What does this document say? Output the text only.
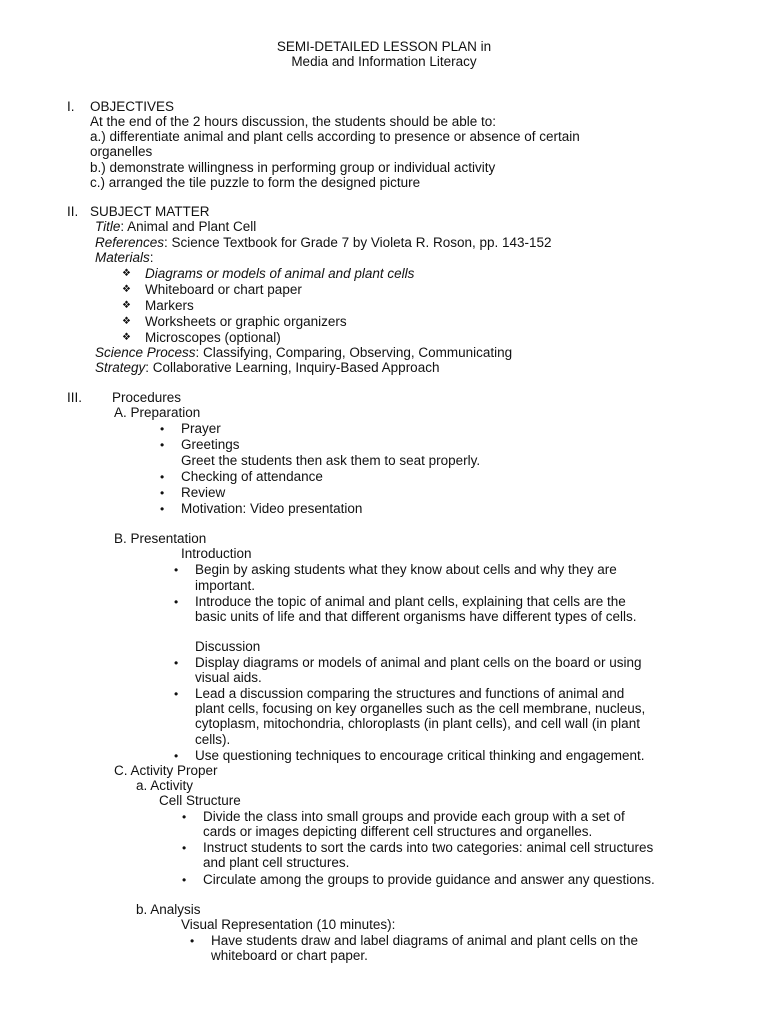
SEMI-DETAILED LESSON PLAN in
Media and Information Literacy
I. OBJECTIVES
At the end of the 2 hours discussion, the students should be able to:
a.) differentiate animal and plant cells according to presence or absence of certain
organelles
b.) demonstrate willingness in performing group or individual activity
c.) arranged the tile puzzle to form the designed picture
II. SUBJECT MATTER
Title: Animal and Plant Cell
References: Science Textbook for Grade 7 by Violeta R. Roson, pp. 143-152
Materials:
❖ Diagrams or models of animal and plant cells
❖ Whiteboard or chart paper
❖ Markers
❖ Worksheets or graphic organizers
❖ Microscopes (optional)
Science Process: Classifying, Comparing, Observing, Communicating
Strategy: Collaborative Learning, Inquiry-Based Approach
III. Procedures
A. Preparation
• Prayer
• Greetings
Greet the students then ask them to seat properly.
• Checking of attendance
• Review
• Motivation: Video presentation
B. Presentation
Introduction
• Begin by asking students what they know about cells and why they are
important.
• Introduce the topic of animal and plant cells, explaining that cells are the
basic units of life and that different organisms have different types of cells.
Discussion
• Display diagrams or models of animal and plant cells on the board or using
visual aids.
• Lead a discussion comparing the structures and functions of animal and
plant cells, focusing on key organelles such as the cell membrane, nucleus,
cytoplasm, mitochondria, chloroplasts (in plant cells), and cell wall (in plant
cells).
• Use questioning techniques to encourage critical thinking and engagement.
C. Activity Proper
a. Activity
Cell Structure
• Divide the class into small groups and provide each group with a set of
cards or images depicting different cell structures and organelles.
• Instruct students to sort the cards into two categories: animal cell structures
and plant cell structures.
• Circulate among the groups to provide guidance and answer any questions.
b. Analysis
Visual Representation (10 minutes):
• Have students draw and label diagrams of animal and plant cells on the
whiteboard or chart paper.
